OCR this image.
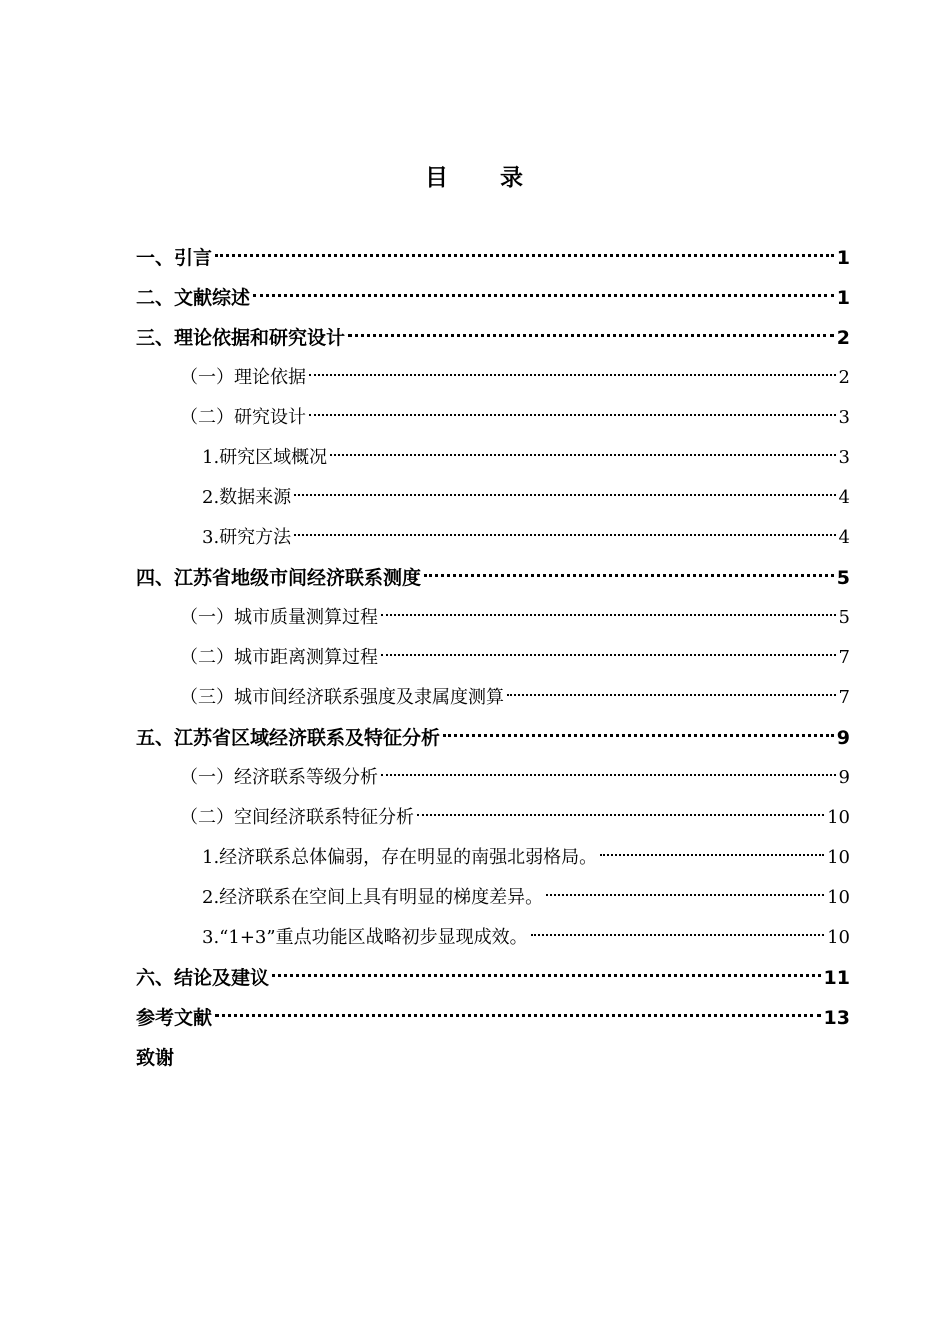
目　　录
一、引言	1
二、文献综述	1
三、理论依据和研究设计	2
（一）理论依据	2
（二）研究设计	3
1.研究区域概况	3
2.数据来源	4
3.研究方法	4
四、江苏省地级市间经济联系测度	5
（一）城市质量测算过程	5
（二）城市距离测算过程	7
（三）城市间经济联系强度及隶属度测算	7
五、江苏省区域经济联系及特征分析	9
（一）经济联系等级分析	9
（二）空间经济联系特征分析	10
1.经济联系总体偏弱，存在明显的南强北弱格局。	10
2.经济联系在空间上具有明显的梯度差异。	10
3.“1+3”重点功能区战略初步显现成效。	10
六、结论及建议	11
参考文献	13
致谢
